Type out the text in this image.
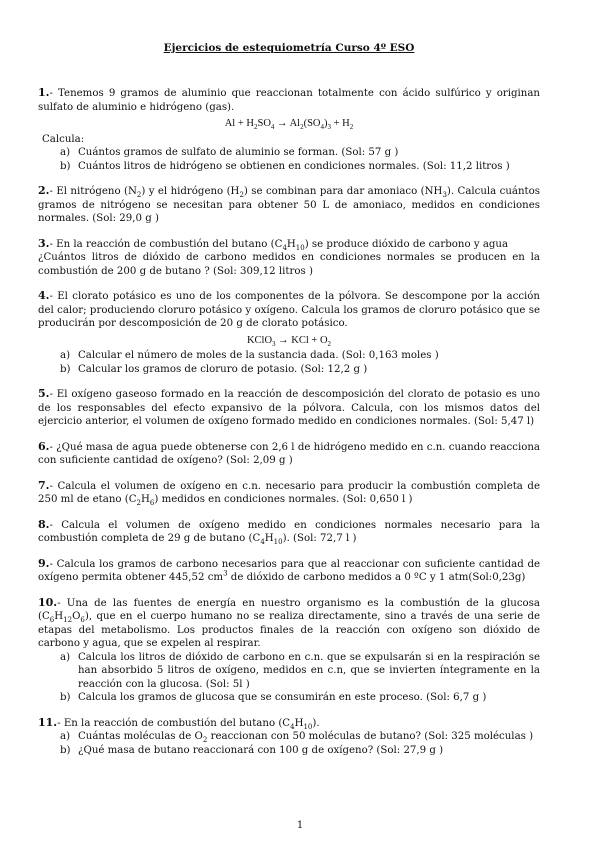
Ejercicios de estequiometría Curso 4º ESO
1.- Tenemos 9 gramos de aluminio que reaccionan totalmente con ácido sulfúrico y originan sulfato de aluminio e hidrógeno (gas).
$Al + H_2SO_4 \to Al_2(SO_4)_3 + H_2$
Calcula:
a) Cuántos gramos de sulfato de aluminio se forman. (Sol: 57 g )
b) Cuántos litros de hidrógeno se obtienen en condiciones normales. (Sol: 11,2 litros )
2.- El nitrógeno $(N_2)$ y el hidrógeno $(H_2)$ se combinan para dar amoniaco $(NH_3)$. Calcula cuántos gramos de nitrógeno se necesitan para obtener 50 L de amoniaco, medidos en condiciones normales. (Sol: 29,0 g )
3.- En la reacción de combustión del butano $(C_4H_{10})$ se produce dióxido de carbono y agua
¿Cuántos litros de dióxido de carbono medidos en condiciones normales se producen en la combustión de 200 g de butano ? (Sol: 309,12 litros )
4.- El clorato potásico es uno de los componentes de la pólvora. Se descompone por la acción del calor; produciendo cloruro potásico y oxígeno. Calcula los gramos de cloruro potásico que se producirán por descomposición de 20 g de clorato potásico.
KClO$_3$ → KCl + $O_2$
a) Calcular el número de moles de la sustancia dada. (Sol: 0,163 moles )
b) Calcular los gramos de cloruro de potasio. (Sol: 12,2 g )
5.- El oxígeno gaseoso formado en la reacción de descomposición del clorato de potasio es uno de los responsables del efecto expansivo de la pólvora. Calcula, con los mismos datos del ejercicio anterior, el volumen de oxígeno formado medido en condiciones normales. (Sol: 5,47 l)
6.- ¿Qué masa de agua puede obtenerse con 2,6 l de hidrógeno medido en c.n. cuando reacciona con suficiente cantidad de oxígeno? (Sol: 2,09 g )
7.- Calcula el volumen de oxígeno en c.n. necesario para producir la combustión completa de 250 ml de etano $(C_2H_6)$ medidos en condiciones normales. (Sol: 0,650 l )
8.- Calcula el volumen de oxígeno medido en condiciones normales necesario para la combustión completa de 29 g de butano $(C_4H_{10})$. (Sol: 72,7 l )
9.- Calcula los gramos de carbono necesarios para que al reaccionar con suficiente cantidad de oxígeno permita obtener 445,52 $cm^3$ de dióxido de carbono medidos a 0 ºC y 1 atm(Sol:0,23g)
10.- Una de las fuentes de energía en nuestro organismo es la combustión de la glucosa $(C_6H_{12}O_6)$, que en el cuerpo humano no se realiza directamente, sino a través de una serie de etapas del metabolismo. Los productos finales de la reacción con oxígeno son dióxido de carbono y agua, que se expelen al respirar.
a) Calcula los litros de dióxido de carbono en c.n. que se expulsarán si en la respiración se han absorbido 5 litros de oxígeno, medidos en c.n, que se invierten íntegramente en la reacción con la glucosa. (Sol: 5l )
b) Calcula los gramos de glucosa que se consumirán en este proceso. (Sol: 6,7 g )
11.- En la reacción de combustión del butano $(C_4H_{10})$.
a) Cuántas moléculas de $O_2$ reaccionan con 50 moléculas de butano? (Sol: 325 moléculas )
b) ¿Qué masa de butano reaccionará con 100 g de oxígeno? (Sol: 27,9 g )
1
